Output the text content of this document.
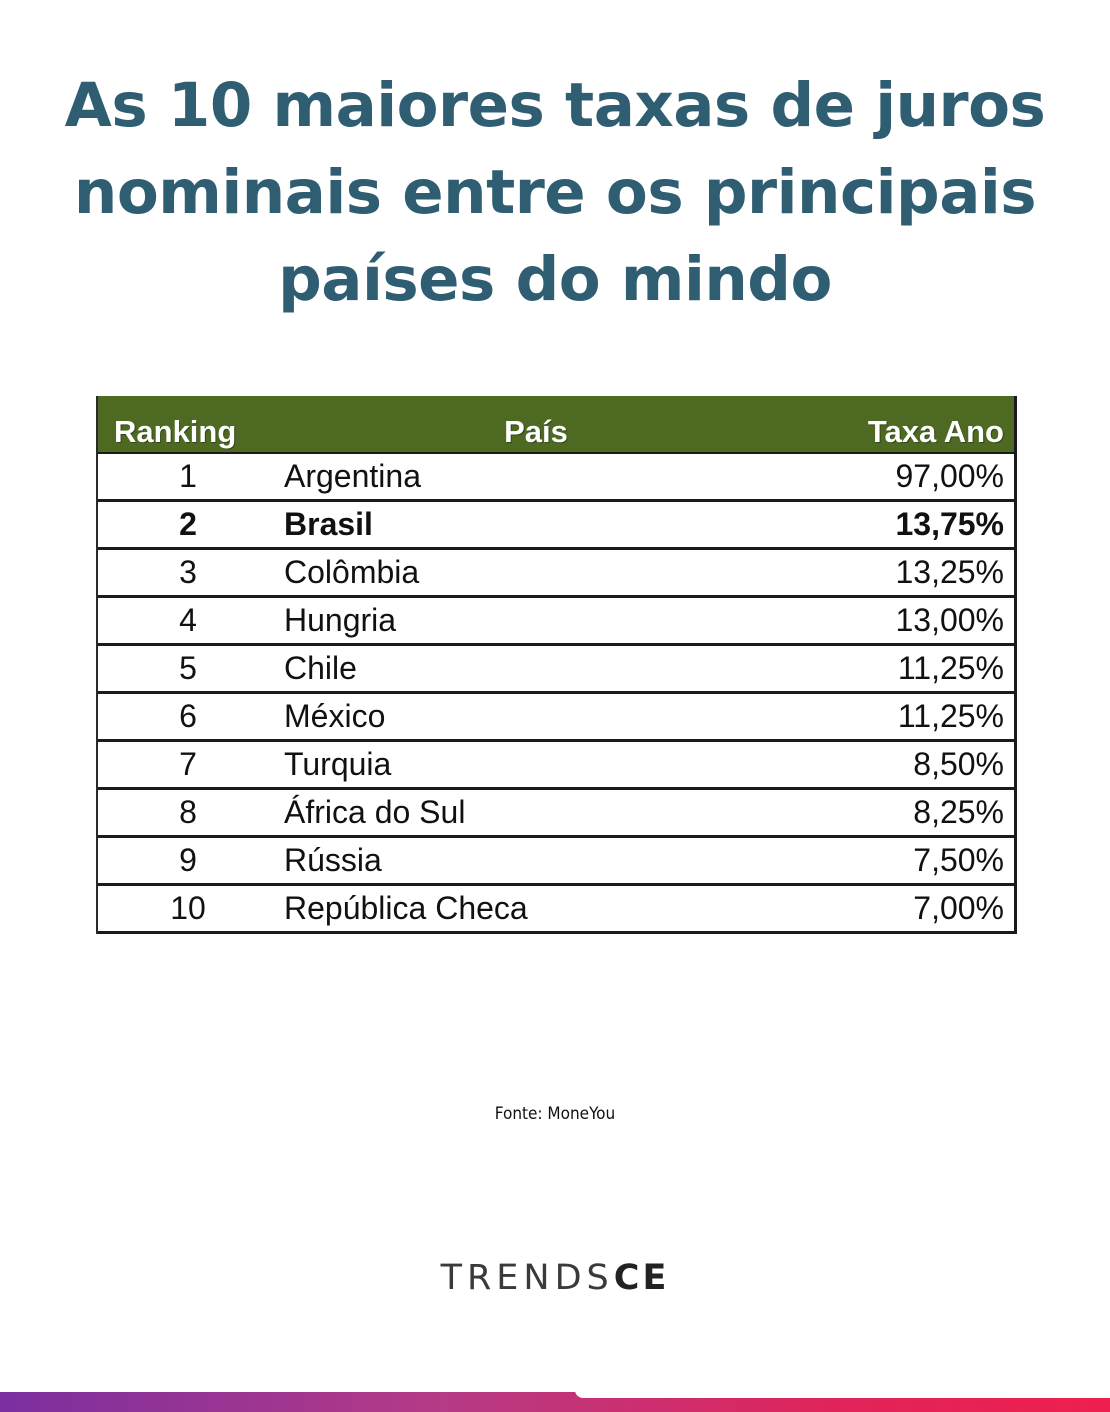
As 10 maiores taxas de juros
nominais entre os principais
países do mindo
Ranking	País	Taxa Ano
1	Argentina	97,00%
2	Brasil	13,75%
3	Colômbia	13,25%
4	Hungria	13,00%
5	Chile	11,25%
6	México	11,25%
7	Turquia	8,50%
8	África do Sul	8,25%
9	Rússia	7,50%
10	República Checa	7,00%
Fonte: MoneYou
TRENDSCE
